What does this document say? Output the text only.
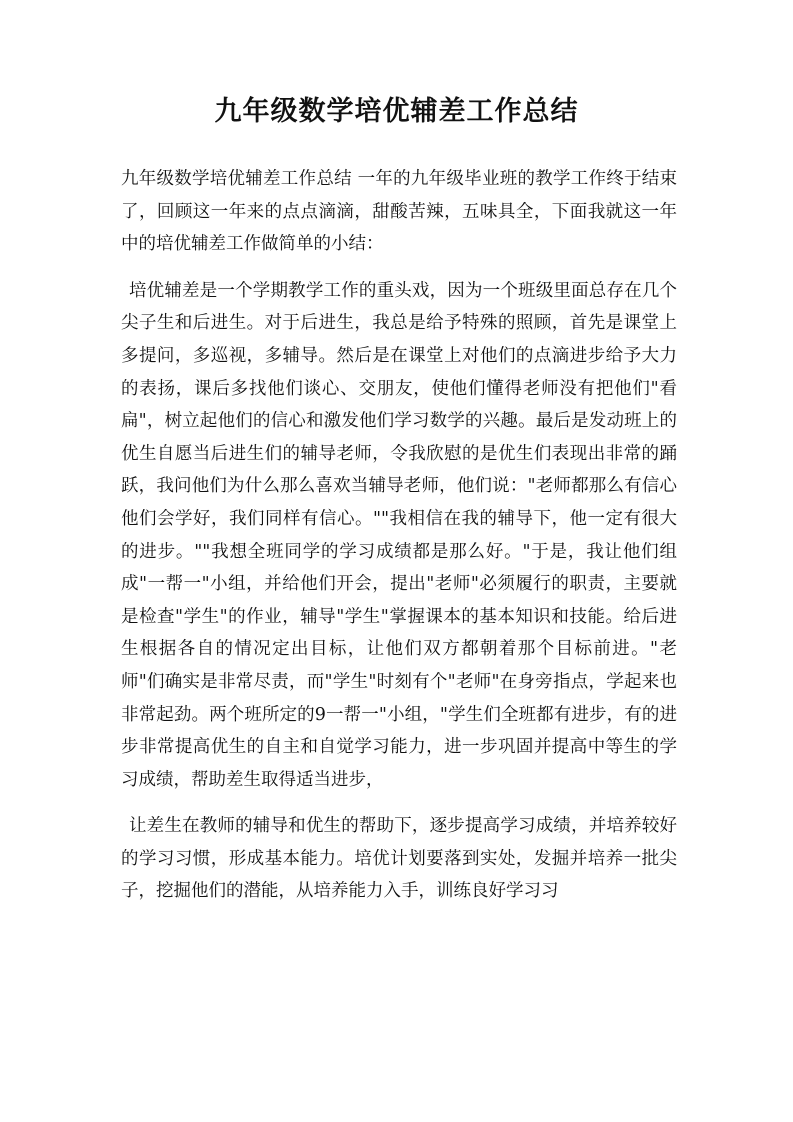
九年级数学培优辅差工作总结

九年级数学培优辅差工作总结 一年的九年级毕业班的教学工作终于结束了，回顾这一年来的点点滴滴，甜酸苦辣，五味具全，下面我就这一年中的培优辅差工作做简单的小结：

培优辅差是一个学期教学工作的重头戏，因为一个班级里面总存在几个尖子生和后进生。对于后进生，我总是给予特殊的照顾，首先是课堂上多提问，多巡视，多辅导。然后是在课堂上对他们的点滴进步给予大力的表扬，课后多找他们谈心、交朋友，使他们懂得老师没有把他们"看扁"，树立起他们的信心和激发他们学习数学的兴趣。最后是发动班上的优生自愿当后进生们的辅导老师，令我欣慰的是优生们表现出非常的踊跃，我问他们为什么那么喜欢当辅导老师，他们说："老师都那么有信心他们会学好，我们同样有信心。""我相信在我的辅导下，他一定有很大的进步。""我想全班同学的学习成绩都是那么好。"于是，我让他们组成"一帮一"小组，并给他们开会，提出"老师"必须履行的职责，主要就是检查"学生"的作业，辅导"学生"掌握课本的基本知识和技能。给后进生根据各自的情况定出目标，让他们双方都朝着那个目标前进。"老师"们确实是非常尽责，而"学生"时刻有个"老师"在身旁指点，学起来也非常起劲。两个班所定的9一帮一"小组，"学生们全班都有进步，有的进步非常提高优生的自主和自觉学习能力，进一步巩固并提高中等生的学习成绩，帮助差生取得适当进步，

让差生在教师的辅导和优生的帮助下，逐步提高学习成绩，并培养较好的学习习惯，形成基本能力。培优计划要落到实处，发掘并培养一批尖子，挖掘他们的潜能，从培养能力入手，训练良好学习习
